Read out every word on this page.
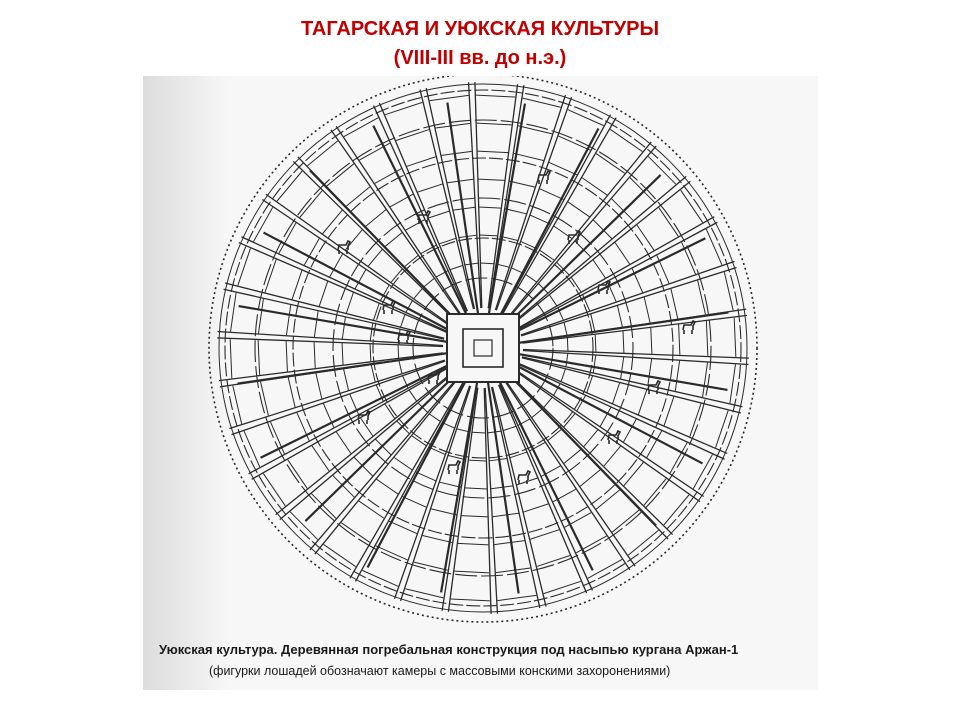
ТАГАРСКАЯ И УЮКСКАЯ КУЛЬТУРЫ
(VIII-III вв. до н.э.)
Уюкская культура. Деревянная погребальная конструкция под насыпью кургана Аржан-1
(фигурки лошадей обозначают камеры с массовыми конскими захоронениями)
